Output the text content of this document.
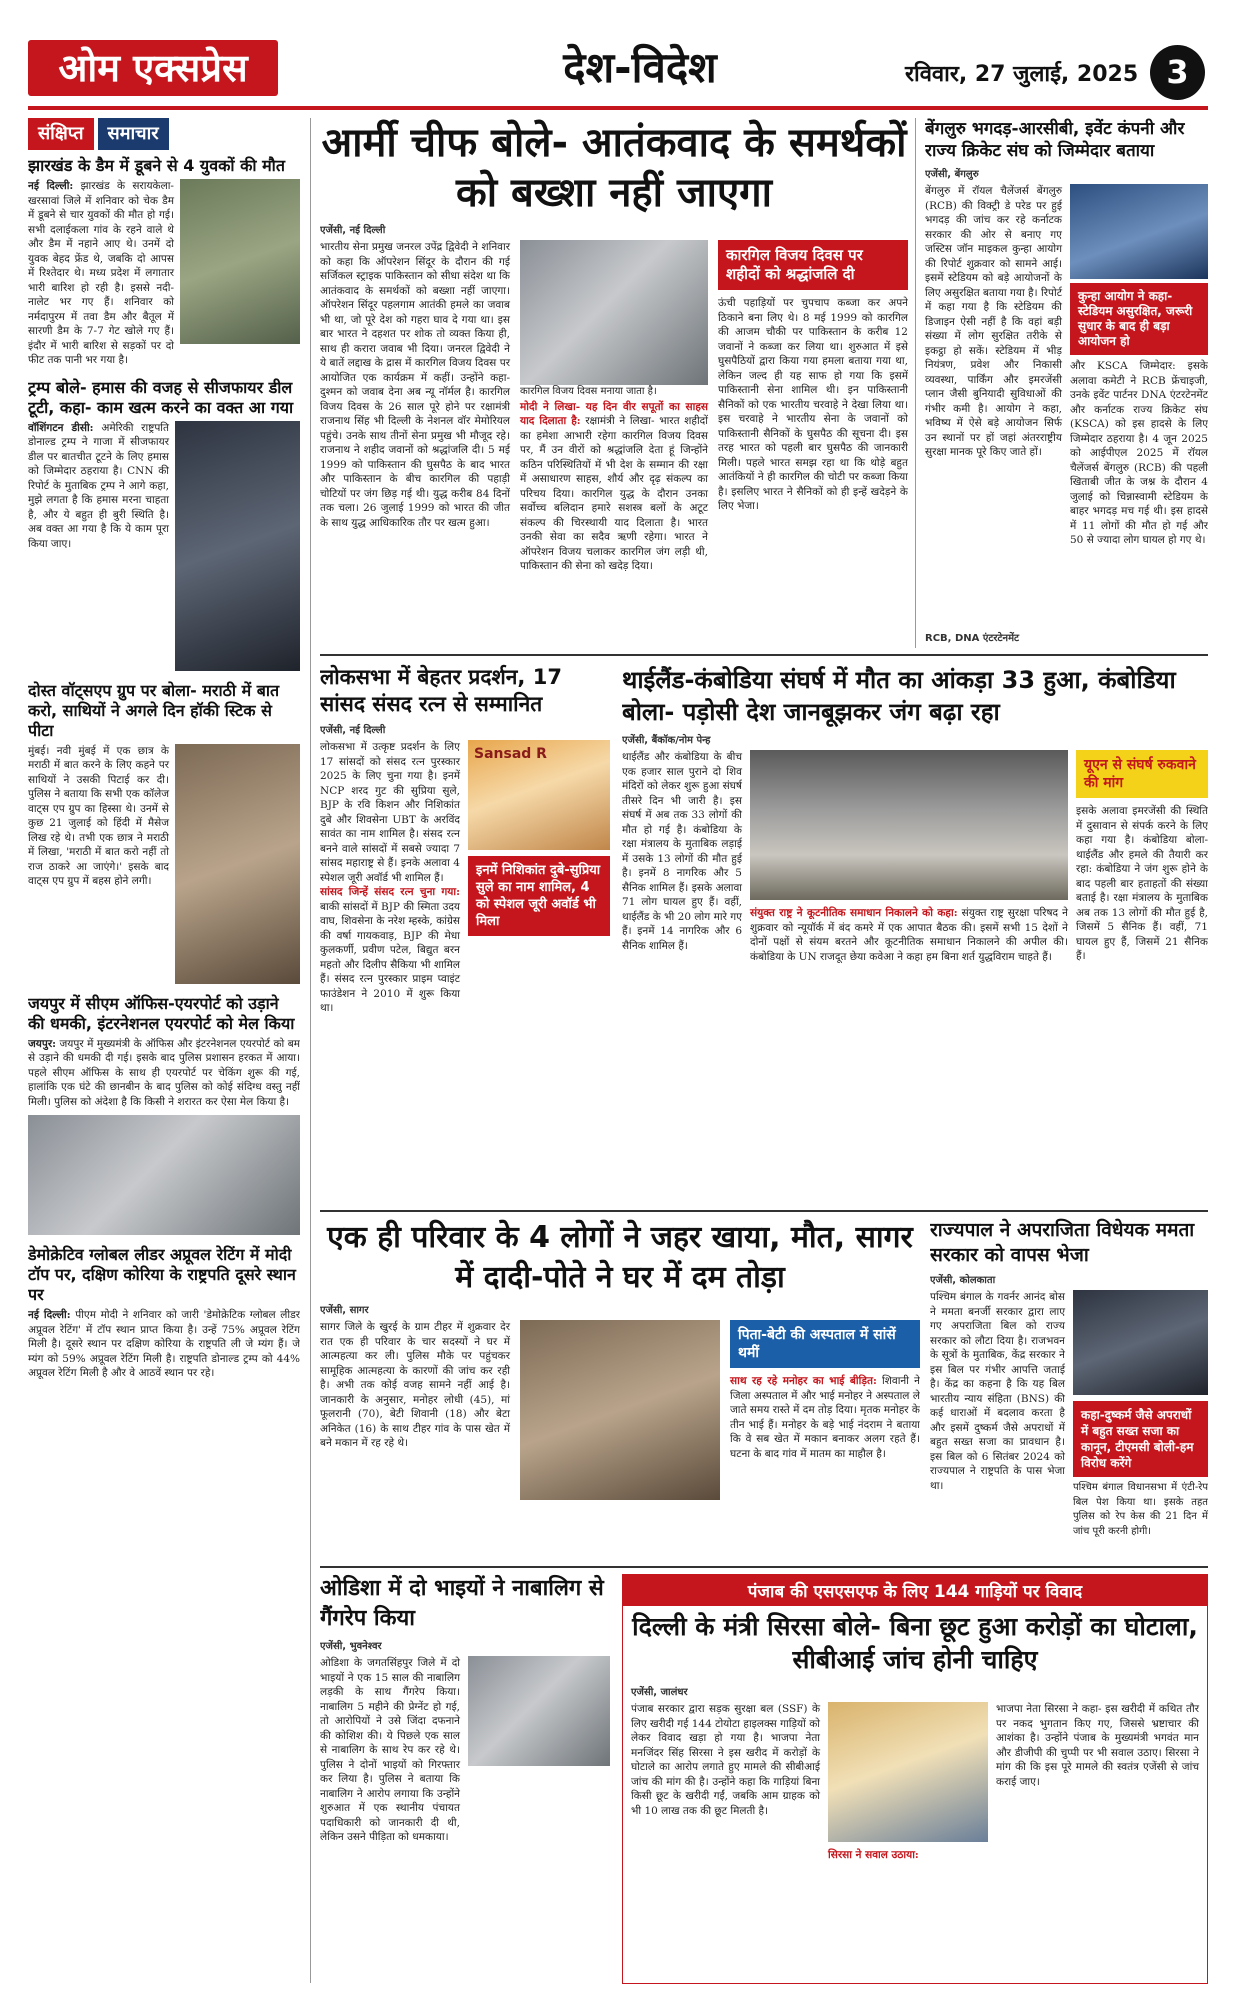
ओम एक्सप्रेस	देश-विदेश	रविवार, 27 जुलाई, 2025 3
संक्षिप्त	समाचार
झारखंड के डैम में डूबने से 4 युवकों की मौत

नई दिल्ली: झारखंड के सरायकेला-खरसावां जिले में शनिवार को चेक डैम में डूबने से चार युवकों की मौत हो गई। सभी दलाईकला गांव के रहने वाले थे और डैम में नहाने आए थे। उनमें दो युवक बेहद फ्रेंड थे, जबकि दो आपस में रिश्तेदार थे। मध्य प्रदेश में लगातार भारी बारिश हो रही है। इससे नदी-नालेट भर गए हैं। शनिवार को नर्मदापुरम में तवा डैम और बैतूल में सारणी डैम के 7-7 गेट खोले गए हैं। इंदौर में भारी बारिश से सड़कों पर दो फीट तक पानी भर गया है।

ट्रम्प बोले- हमास की वजह से सीजफायर डील टूटी, कहा- काम खत्म करने का वक्त आ गया

वॉशिंगटन डीसी: अमेरिकी राष्ट्रपति डोनाल्ड ट्रम्प ने गाजा में सीजफायर डील पर बातचीत टूटने के लिए हमास को जिम्मेदार ठहराया है। CNN की रिपोर्ट के मुताबिक ट्रम्प ने आगे कहा, मुझे लगता है कि हमास मरना चाहता है, और ये बहुत ही बुरी स्थिति है। अब वक्त आ गया है कि ये काम पूरा किया जाए।

दोस्त वॉट्सएप ग्रुप पर बोला- मराठी में बात करो, साथियों ने अगले दिन हॉकी स्टिक से पीटा

मुंबई। नवी मुंबई में एक छात्र के मराठी में बात करने के लिए कहने पर साथियों ने उसकी पिटाई कर दी। पुलिस ने बताया कि सभी एक कॉलेज वाट्स एप ग्रुप का हिस्सा थे। उनमें से कुछ 21 जुलाई को हिंदी में मैसेज लिख रहे थे। तभी एक छात्र ने मराठी में लिखा, 'मराठी में बात करो नहीं तो राज ठाकरे आ जाएंगे।' इसके बाद वाट्स एप ग्रुप में बहस होने लगी।

जयपुर में सीएम ऑफिस-एयरपोर्ट को उड़ाने की धमकी, इंटरनेशनल एयरपोर्ट को मेल किया

जयपुर: जयपुर में मुख्यमंत्री के ऑफिस और इंटरनेशनल एयरपोर्ट को बम से उड़ाने की धमकी दी गई। इसके बाद पुलिस प्रशासन हरकत में आया। पहले सीएम ऑफिस के साथ ही एयरपोर्ट पर चेकिंग शुरू की गई, हालांकि एक घंटे की छानबीन के बाद पुलिस को कोई संदिग्ध वस्तु नहीं मिली। पुलिस को अंदेशा है कि किसी ने शरारत कर ऐसा मेल किया है।

डेमोक्रेटिव ग्लोबल लीडर अप्रूवल रेटिंग में मोदी टॉप पर, दक्षिण कोरिया के राष्ट्रपति दूसरे स्थान पर

नई दिल्ली: पीएम मोदी ने शनिवार को जारी 'डेमोक्रेटिक ग्लोबल लीडर अप्रूवल रेटिंग' में टॉप स्थान प्राप्त किया है। उन्हें 75% अप्रूवल रेटिंग मिली है। दूसरे स्थान पर दक्षिण कोरिया के राष्ट्रपति ली जे म्यंग हैं। जे म्यंग को 59% अप्रूवल रेटिंग मिली है। राष्ट्रपति डोनाल्ड ट्रम्प को 44% अप्रूवल रेटिंग मिली है और वे आठवें स्थान पर रहे।

आर्मी चीफ बोले- आतंकवाद के समर्थकों को बख्शा नहीं जाएगा
एजेंसी, नई दिल्ली

भारतीय सेना प्रमुख जनरल उपेंद्र द्विवेदी ने शनिवार को कहा कि ऑपरेशन सिंदूर के दौरान की गई सर्जिकल स्ट्राइक पाकिस्तान को सीधा संदेश था कि आतंकवाद के समर्थकों को बख्शा नहीं जाएगा। ऑपरेशन सिंदूर पहलगाम आतंकी हमले का जवाब भी था, जो पूरे देश को गहरा घाव दे गया था। इस बार भारत ने दहशत पर शोक तो व्यक्त किया ही, साथ ही करारा जवाब भी दिया। जनरल द्विवेदी ने ये बातें लद्दाख के द्रास में कारगिल विजय दिवस पर आयोजित एक कार्यक्रम में कहीं। उन्होंने कहा- दुश्मन को जवाब देना अब न्यू नॉर्मल है। कारगिल विजय दिवस के 26 साल पूरे होने पर रक्षामंत्री राजनाथ सिंह भी दिल्ली के नेशनल वॉर मेमोरियल पहुंचे। उनके साथ तीनों सेना प्रमुख भी मौजूद रहे। राजनाथ ने शहीद जवानों को श्रद्धांजलि दी। 5 मई 1999 को पाकिस्तान की घुसपैठ के बाद भारत और पाकिस्तान के बीच कारगिल की पहाड़ी चोटियों पर जंग छिड़ गई थी। युद्ध करीब 84 दिनों तक चला। 26 जुलाई 1999 को भारत की जीत के साथ युद्ध आधिकारिक तौर पर खत्म हुआ।

कारगिल विजय दिवस मनाया जाता है।

मोदी ने लिखा- यह दिन वीर सपूतों का साहस याद दिलाता है: रक्षामंत्री ने लिखा- भारत शहीदों का हमेशा आभारी रहेगा कारगिल विजय दिवस पर, मैं उन वीरों को श्रद्धांजलि देता हूं जिन्होंने कठिन परिस्थितियों में भी देश के सम्मान की रक्षा में असाधारण साहस, शौर्य और दृढ़ संकल्प का परिचय दिया। कारगिल युद्ध के दौरान उनका सर्वोच्च बलिदान हमारे सशस्त्र बलों के अटूट संकल्प की चिरस्थायी याद दिलाता है। भारत उनकी सेवा का सदैव ऋणी रहेगा। भारत ने ऑपरेशन विजय चलाकर कारगिल जंग लड़ी थी, पाकिस्तान की सेना को खदेड़ दिया।

कारगिल विजय दिवस पर शहीदों को श्रद्धांजलि दी

ऊंची पहाड़ियों पर चुपचाप कब्जा कर अपने ठिकाने बना लिए थे। 8 मई 1999 को कारगिल की आजम चौकी पर पाकिस्तान के करीब 12 जवानों ने कब्जा कर लिया था। शुरुआत में इसे घुसपैठियों द्वारा किया गया हमला बताया गया था, लेकिन जल्द ही यह साफ हो गया कि इसमें पाकिस्तानी सेना शामिल थी। इन पाकिस्तानी सैनिकों को एक भारतीय चरवाहे ने देखा लिया था। इस चरवाहे ने भारतीय सेना के जवानों को पाकिस्तानी सैनिकों के घुसपैठ की सूचना दी। इस तरह भारत को पहली बार घुसपैठ की जानकारी मिली। पहले भारत समझ रहा था कि थोड़े बहुत आतंकियों ने ही कारगिल की चोटी पर कब्जा किया है। इसलिए भारत ने सैनिकों को ही इन्हें खदेड़ने के लिए भेजा।

बेंगलुरु भगदड़-आरसीबी, इवेंट कंपनी और राज्य क्रिकेट संघ को जिम्मेदार बताया
एजेंसी, बेंगलुरु

बेंगलुरु में रॉयल चैलेंजर्स बेंगलुरु (RCB) की विक्ट्री डे परेड पर हुई भगदड़ की जांच कर रहे कर्नाटक सरकार की ओर से बनाए गए जस्टिस जॉन माइकल कुन्हा आयोग की रिपोर्ट शुक्रवार को सामने आई। इसमें स्टेडियम को बड़े आयोजनों के लिए असुरक्षित बताया गया है। रिपोर्ट में कहा गया है कि स्टेडियम की डिजाइन ऐसी नहीं है कि वहां बड़ी संख्या में लोग सुरक्षित तरीके से इकट्ठा हो सकें। स्टेडियम में भीड़ नियंत्रण, प्रवेश और निकासी व्यवस्था, पार्किंग और इमरजेंसी प्लान जैसी बुनियादी सुविधाओं की गंभीर कमी है। आयोग ने कहा, भविष्य में ऐसे बड़े आयोजन सिर्फ उन स्थानों पर हों जहां अंतरराष्ट्रीय सुरक्षा मानक पूरे किए जाते हों।

कुन्हा आयोग ने कहा- स्टेडियम असुरक्षित, जरूरी सुधार के बाद ही बड़ा आयोजन हो

और KSCA जिम्मेदार: इसके अलावा कमेटी ने RCB फ्रेंचाइजी, उनके इवेंट पार्टनर DNA एंटरटेनमेंट और कर्नाटक राज्य क्रिकेट संघ (KSCA) को इस हादसे के लिए जिम्मेदार ठहराया है। 4 जून 2025 को आईपीएल 2025 में रॉयल चैलेंजर्स बेंगलुरु (RCB) की पहली खिताबी जीत के जश्न के दौरान 4 जुलाई को चिन्नास्वामी स्टेडियम के बाहर भगदड़ मच गई थी। इस हादसे में 11 लोगों की मौत हो गई और 50 से ज्यादा लोग घायल हो गए थे।

RCB, DNA एंटरटेनमेंट
लोकसभा में बेहतर प्रदर्शन, 17 सांसद संसद रत्न से सम्मानित
एजेंसी, नई दिल्ली

लोकसभा में उत्कृष्ट प्रदर्शन के लिए 17 सांसदों को संसद रत्न पुरस्कार 2025 के लिए चुना गया है। इनमें NCP शरद गुट की सुप्रिया सुले, BJP के रवि किशन और निशिकांत दुबे और शिवसेना UBT के अरविंद सावंत का नाम शामिल है। संसद रत्न बनने वाले सांसदों में सबसे ज्यादा 7 सांसद महाराष्ट्र से हैं। इनके अलावा 4 स्पेशल जूरी अवॉर्ड भी शामिल हैं।

सांसद जिन्हें संसद रत्न चुना गया: बाकी सांसदों में BJP की स्मिता उदय वाघ, शिवसेना के नरेश म्हस्के, कांग्रेस की वर्षा गायकवाड़, BJP की मेधा कुलकर्णी, प्रवीण पटेल, बिद्युत बरन महतो और दिलीप सैकिया भी शामिल हैं। संसद रत्न पुरस्कार प्राइम प्वाइंट फाउंडेशन ने 2010 में शुरू किया था।

Sansad R
इनमें निशिकांत दुबे-सुप्रिया सुले का नाम शामिल, 4 को स्पेशल जूरी अवॉर्ड भी मिला
थाईलैंड-कंबोडिया संघर्ष में मौत का आंकड़ा 33 हुआ, कंबोडिया बोला- पड़ोसी देश जानबूझकर जंग बढ़ा रहा
एजेंसी, बैंकॉक/नोम पेन्ह

थाईलैंड और कंबोडिया के बीच एक हजार साल पुराने दो शिव मंदिरों को लेकर शुरू हुआ संघर्ष तीसरे दिन भी जारी है। इस संघर्ष में अब तक 33 लोगों की मौत हो गई है। कंबोडिया के रक्षा मंत्रालय के मुताबिक लड़ाई में उसके 13 लोगों की मौत हुई है। इनमें 8 नागरिक और 5 सैनिक शामिल हैं। इसके अलावा 71 लोग घायल हुए हैं। वहीं, थाईलैंड के भी 20 लोग मारे गए हैं। इनमें 14 नागरिक और 6 सैनिक शामिल हैं।

संयुक्त राष्ट्र ने कूटनीतिक समाधान निकालने को कहा: संयुक्त राष्ट्र सुरक्षा परिषद ने शुक्रवार को न्यूयॉर्क में बंद कमरे में एक आपात बैठक की। इसमें सभी 15 देशों ने दोनों पक्षों से संयम बरतने और कूटनीतिक समाधान निकालने की अपील की। कंबोडिया के UN राजदूत छेया कवेआ ने कहा हम बिना शर्त युद्धविराम चाहते हैं।

यूएन से संघर्ष रुकवाने की मांग

इसके अलावा इमरजेंसी की स्थिति में दुसावान से संपर्क करने के लिए कहा गया है। कंबोडिया बोला- थाईलैंड और हमले की तैयारी कर रहा: कंबोडिया ने जंग शुरू होने के बाद पहली बार हताहतों की संख्या बताई है। रक्षा मंत्रालय के मुताबिक अब तक 13 लोगों की मौत हुई है, जिसमें 5 सैनिक हैं। वहीं, 71 घायल हुए हैं, जिसमें 21 सैनिक हैं।

एक ही परिवार के 4 लोगों ने जहर खाया, मौत, सागर में दादी-पोते ने घर में दम तोड़ा
एजेंसी, सागर

सागर जिले के खुरई के ग्राम टीहर में शुक्रवार देर रात एक ही परिवार के चार सदस्यों ने घर में आत्महत्या कर ली। पुलिस मौके पर पहुंचकर सामूहिक आत्महत्या के कारणों की जांच कर रही है। अभी तक कोई वजह सामने नहीं आई है। जानकारी के अनुसार, मनोहर लोधी (45), मां फूलरानी (70), बेटी शिवानी (18) और बेटा अनिकेत (16) के साथ टीहर गांव के पास खेत में बने मकान में रह रहे थे।

पिता-बेटी की अस्पताल में सांसें थमीं

साथ रह रहे मनोहर का भाई बीड़ित: शिवानी ने जिला अस्पताल में और भाई मनोहर ने अस्पताल ले जाते समय रास्ते में दम तोड़ दिया। मृतक मनोहर के तीन भाई हैं। मनोहर के बड़े भाई नंदराम ने बताया कि वे सब खेत में मकान बनाकर अलग रहते हैं। घटना के बाद गांव में मातम का माहौल है।

राज्यपाल ने अपराजिता विधेयक ममता सरकार को वापस भेजा
एजेंसी, कोलकाता

पश्चिम बंगाल के गवर्नर आनंद बोस ने ममता बनर्जी सरकार द्वारा लाए गए अपराजिता बिल को राज्य सरकार को लौटा दिया है। राजभवन के सूत्रों के मुताबिक, केंद्र सरकार ने इस बिल पर गंभीर आपत्ति जताई है। केंद्र का कहना है कि यह बिल भारतीय न्याय संहिता (BNS) की कई धाराओं में बदलाव करता है और इसमें दुष्कर्म जैसे अपराधों में बहुत सख्त सजा का प्रावधान है। इस बिल को 6 सितंबर 2024 को राज्यपाल ने राष्ट्रपति के पास भेजा था।

कहा-दुष्कर्म जैसे अपराधों में बहुत सख्त सजा का कानून, टीएमसी बोली-हम विरोध करेंगे

पश्चिम बंगाल विधानसभा में एंटी-रेप बिल पेश किया था। इसके तहत पुलिस को रेप केस की 21 दिन में जांच पूरी करनी होगी।

ओडिशा में दो भाइयों ने नाबालिग से गैंगरेप किया
एजेंसी, भुवनेश्वर

ओडिशा के जगतसिंहपुर जिले में दो भाइयों ने एक 15 साल की नाबालिग लड़की के साथ गैंगरेप किया। नाबालिग 5 महीने की प्रेग्नेंट हो गई, तो आरोपियों ने उसे जिंदा दफनाने की कोशिश की। ये पिछले एक साल से नाबालिग के साथ रेप कर रहे थे। पुलिस ने दोनों भाइयों को गिरफ्तार कर लिया है। पुलिस ने बताया कि नाबालिग ने आरोप लगाया कि उन्होंने शुरुआत में एक स्थानीय पंचायत पदाधिकारी को जानकारी दी थी, लेकिन उसने पीड़िता को धमकाया।

पंजाब की एसएसएफ के लिए 144 गाड़ियों पर विवाद
दिल्ली के मंत्री सिरसा बोले- बिना छूट हुआ करोड़ों का घोटाला, सीबीआई जांच होनी चाहिए
एजेंसी, जालंधर

पंजाब सरकार द्वारा सड़क सुरक्षा बल (SSF) के लिए खरीदी गई 144 टोयोटा हाइलक्स गाड़ियों को लेकर विवाद खड़ा हो गया है। भाजपा नेता मनजिंदर सिंह सिरसा ने इस खरीद में करोड़ों के घोटाले का आरोप लगाते हुए मामले की सीबीआई जांच की मांग की है। उन्होंने कहा कि गाड़ियां बिना किसी छूट के खरीदी गईं, जबकि आम ग्राहक को भी 10 लाख तक की छूट मिलती है।

सिरसा ने सवाल उठाया:

भाजपा नेता सिरसा ने कहा- इस खरीदी में कथित तौर पर नकद भुगतान किए गए, जिससे भ्रष्टाचार की आशंका है। उन्होंने पंजाब के मुख्यमंत्री भगवंत मान और डीजीपी की चुप्पी पर भी सवाल उठाए। सिरसा ने मांग की कि इस पूरे मामले की स्वतंत्र एजेंसी से जांच कराई जाए।
